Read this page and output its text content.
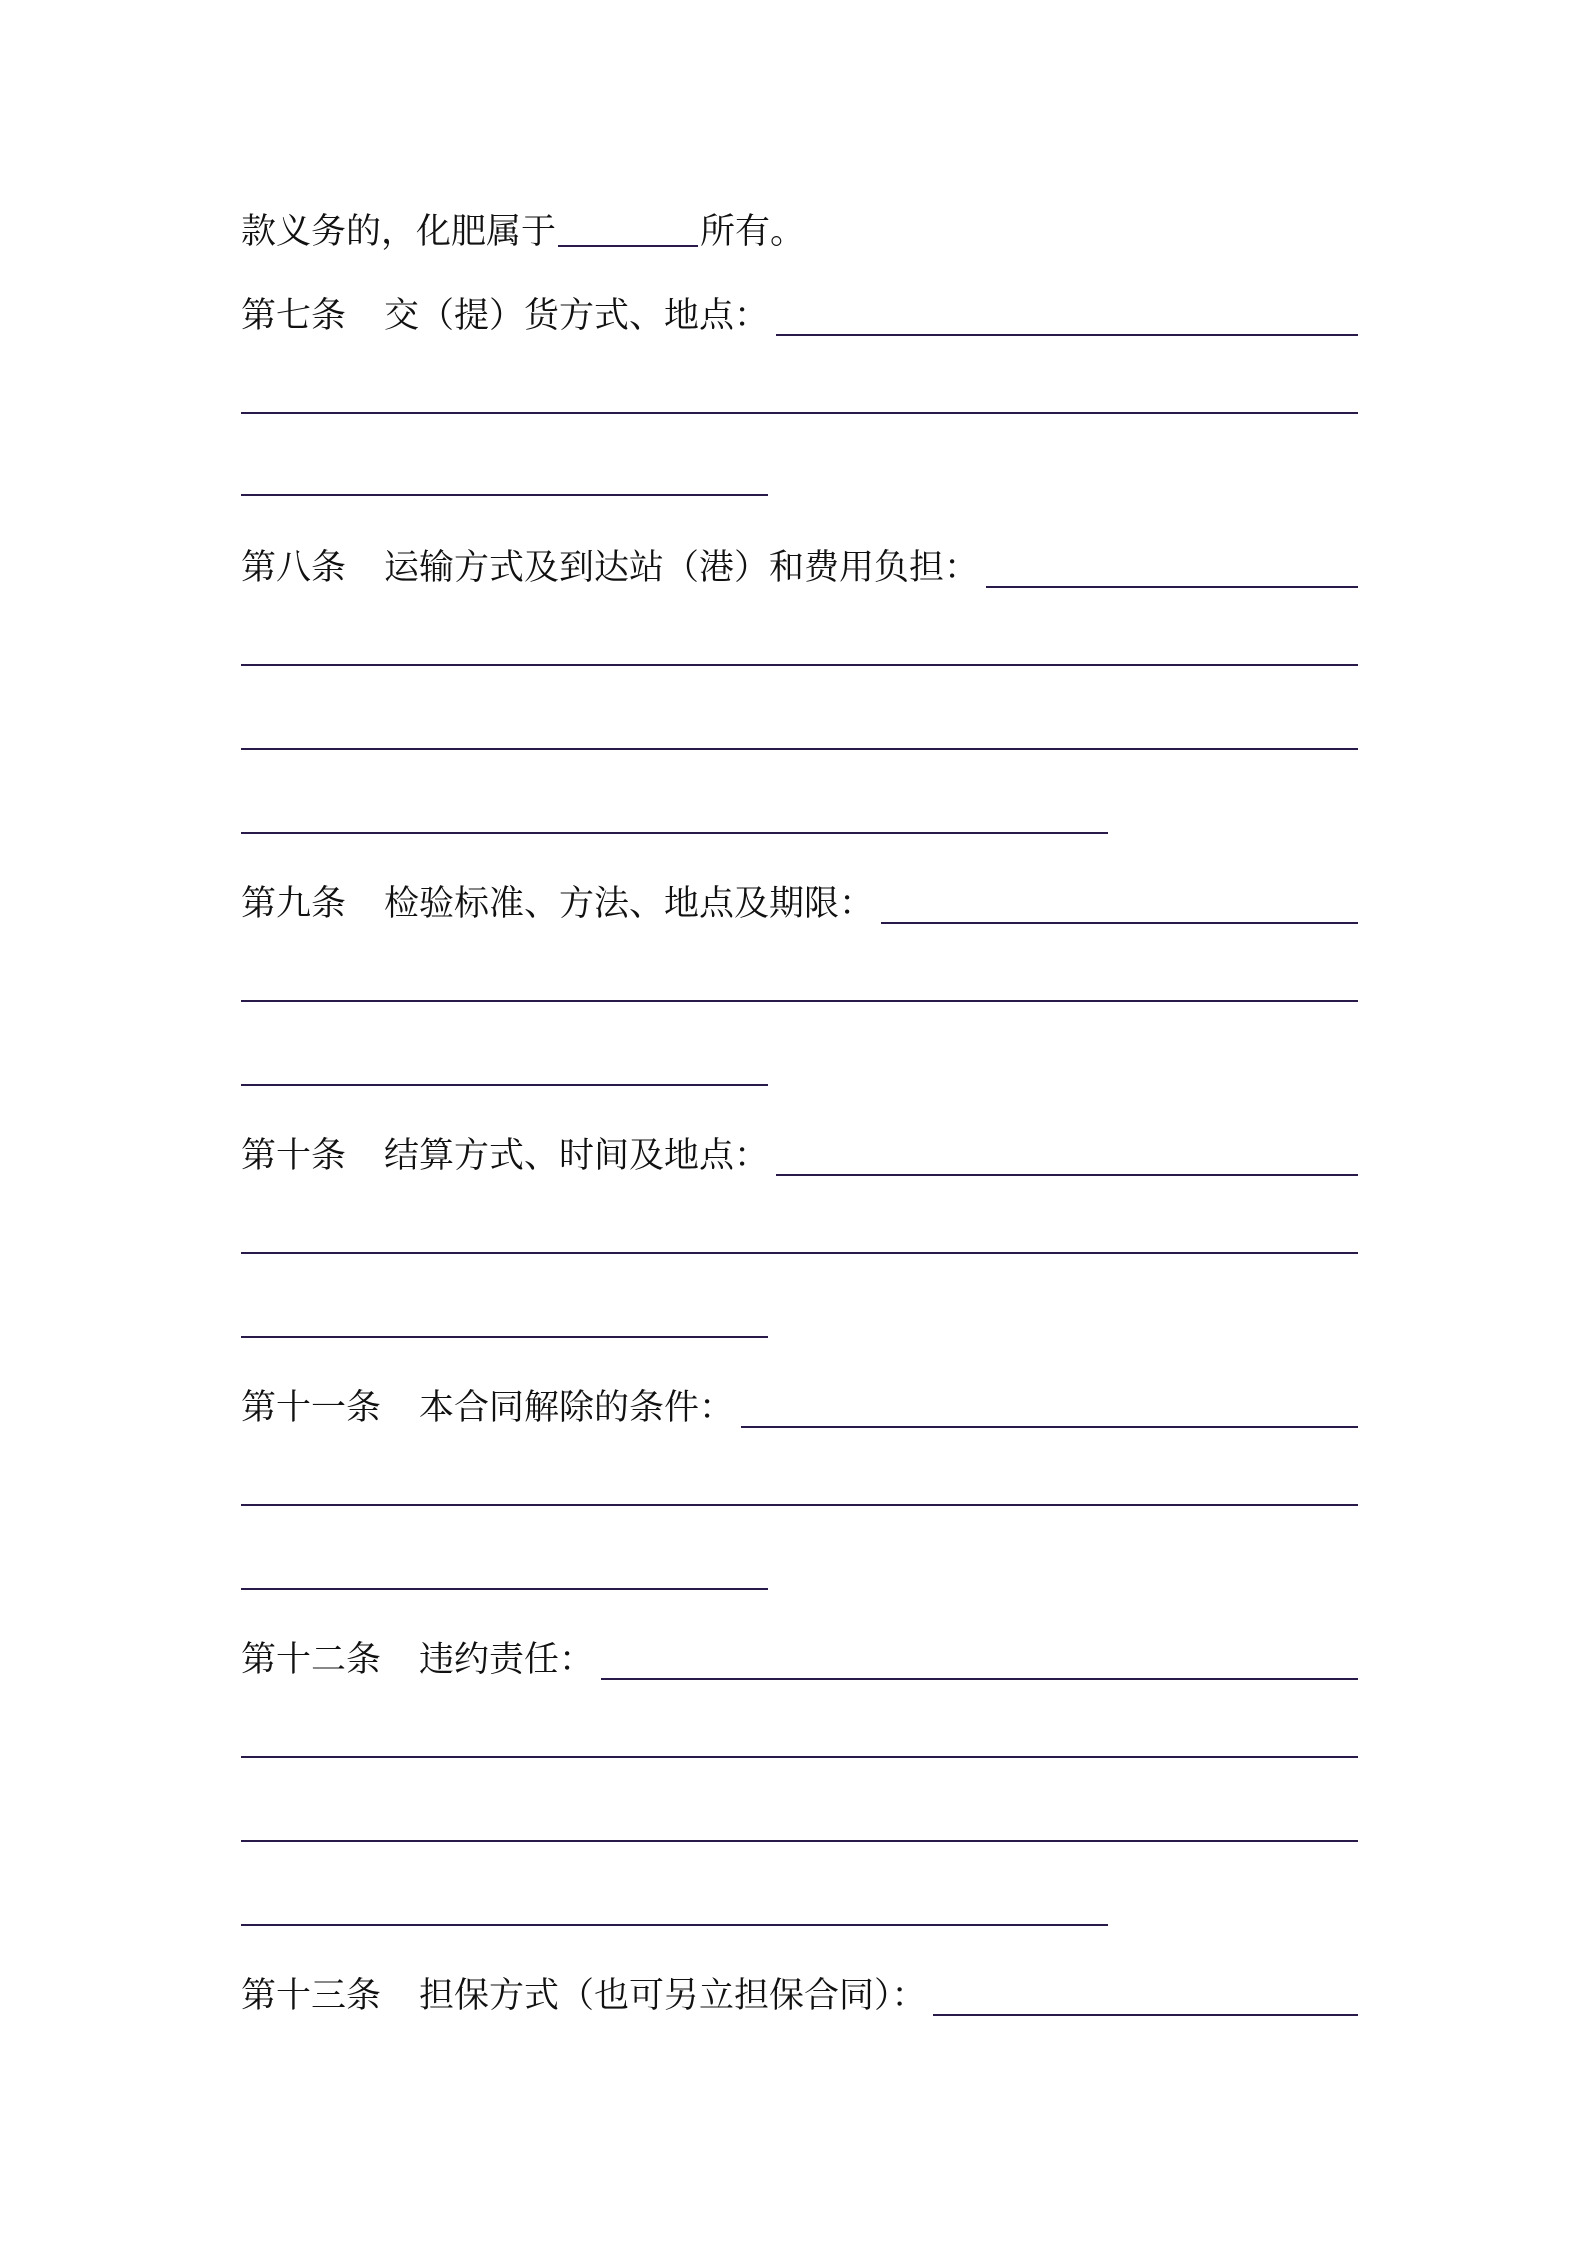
款义务的，化肥属于	所有。
第七条 交（提）货方式、地点：
第八条 运输方式及到达站（港）和费用负担：
第九条 检验标准、方法、地点及期限：
第十条 结算方式、时间及地点：
第十一条 本合同解除的条件：
第十二条 违约责任：
第十三条 担保方式（也可另立担保合同）：
